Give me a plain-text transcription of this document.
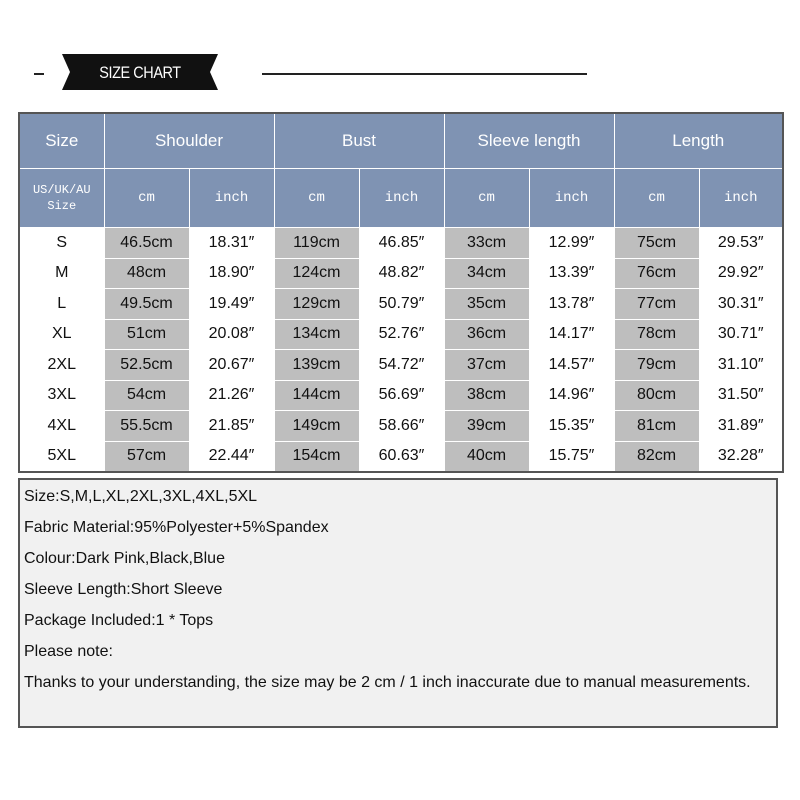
SIZE CHART
Size	Shoulder		Bust		Sleeve length		Length	
US/UK/AU
Size	cm	inch	cm	inch	cm	inch	cm	inch
S	46.5cm	18.31″	119cm	46.85″	33cm	12.99″	75cm	29.53″
M	48cm	18.90″	124cm	48.82″	34cm	13.39″	76cm	29.92″
L	49.5cm	19.49″	129cm	50.79″	35cm	13.78″	77cm	30.31″
XL	51cm	20.08″	134cm	52.76″	36cm	14.17″	78cm	30.71″
2XL	52.5cm	20.67″	139cm	54.72″	37cm	14.57″	79cm	31.10″
3XL	54cm	21.26″	144cm	56.69″	38cm	14.96″	80cm	31.50″
4XL	55.5cm	21.85″	149cm	58.66″	39cm	15.35″	81cm	31.89″
5XL	57cm	22.44″	154cm	60.63″	40cm	15.75″	82cm	32.28″
Size:S,M,L,XL,2XL,3XL,4XL,5XL
Fabric Material:95%Polyester+5%Spandex
Colour:Dark Pink,Black,Blue
Sleeve Length:Short Sleeve
Package Included:1 * Tops
Please note:
Thanks to your understanding, the size may be 2 cm / 1 inch inaccurate due to manual measurements.
